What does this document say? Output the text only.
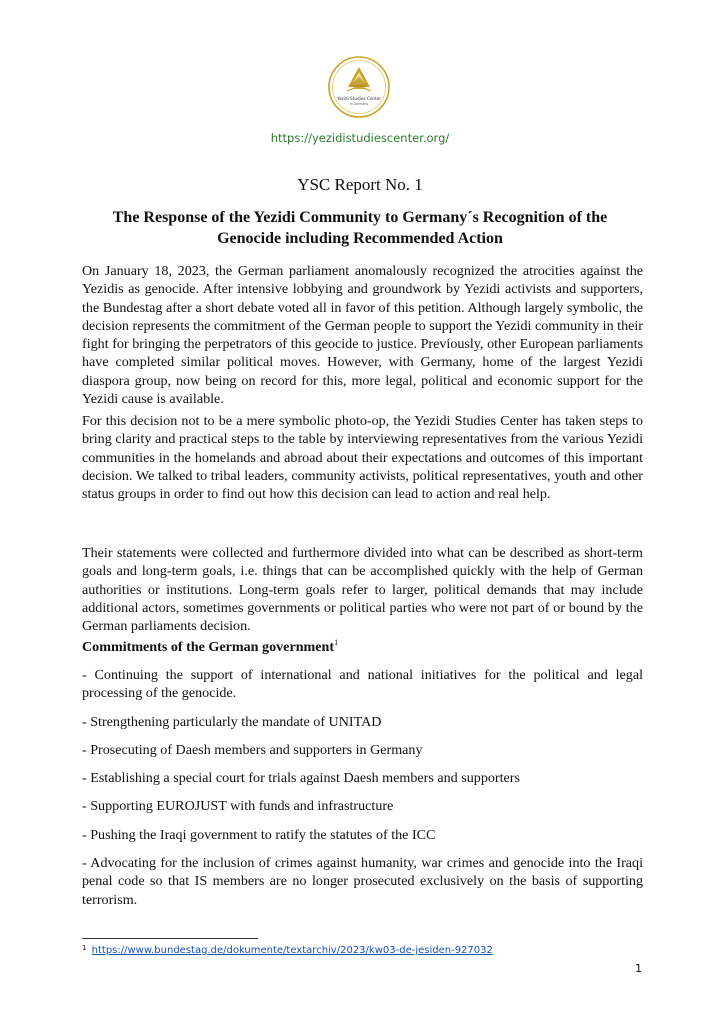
Yezidi Studies Center
in Germany
https://yezidistudiescenter.org/
YSC Report No. 1
The Response of the Yezidi Community to Germany´s Recognition of the Genocide including Recommended Action
On January 18, 2023, the German parliament anomalously recognized the atrocities against the Yezidis as genocide. After intensive lobbying and groundwork by Yezidi activists and supporters, the Bundestag after a short debate voted all in favor of this petition. Although largely symbolic, the decision represents the commitment of the German people to support the Yezidi community in their fight for bringing the perpetrators of this geocide to justice. Previously, other European parliaments have completed similar political moves. However, with Germany, home of the largest Yezidi diaspora group, now being on record for this, more legal, political and economic support for the Yezidi cause is available.
For this decision not to be a mere symbolic photo-op, the Yezidi Studies Center has taken steps to bring clarity and practical steps to the table by interviewing representatives from the various Yezidi communities in the homelands and abroad about their expectations and outcomes of this important decision. We talked to tribal leaders, community activists, political representatives, youth and other status groups in order to find out how this decision can lead to action and real help.
Their statements were collected and furthermore divided into what can be described as short-term goals and long-term goals, i.e. things that can be accomplished quickly with the help of German authorities or institutions. Long-term goals refer to larger, political demands that may include additional actors, sometimes governments or political parties who were not part of or bound by the German parliaments decision.
Commitments of the German government$^1$
- Continuing the support of international and national initiatives for the political and legal processing of the genocide.
- Strengthening particularly the mandate of UNITAD
- Prosecuting of Daesh members and supporters in Germany
- Establishing a special court for trials against Daesh members and supporters
- Supporting EUROJUST with funds and infrastructure
- Pushing the Iraqi government to ratify the statutes of the ICC
- Advocating for the inclusion of crimes against humanity, war crimes and genocide into the Iraqi penal code so that IS members are no longer prosecuted exclusively on the basis of supporting terrorism.
$^1$ https://www.bundestag.de/dokumente/textarchiv/2023/kw03-de-jesiden-927032
1
